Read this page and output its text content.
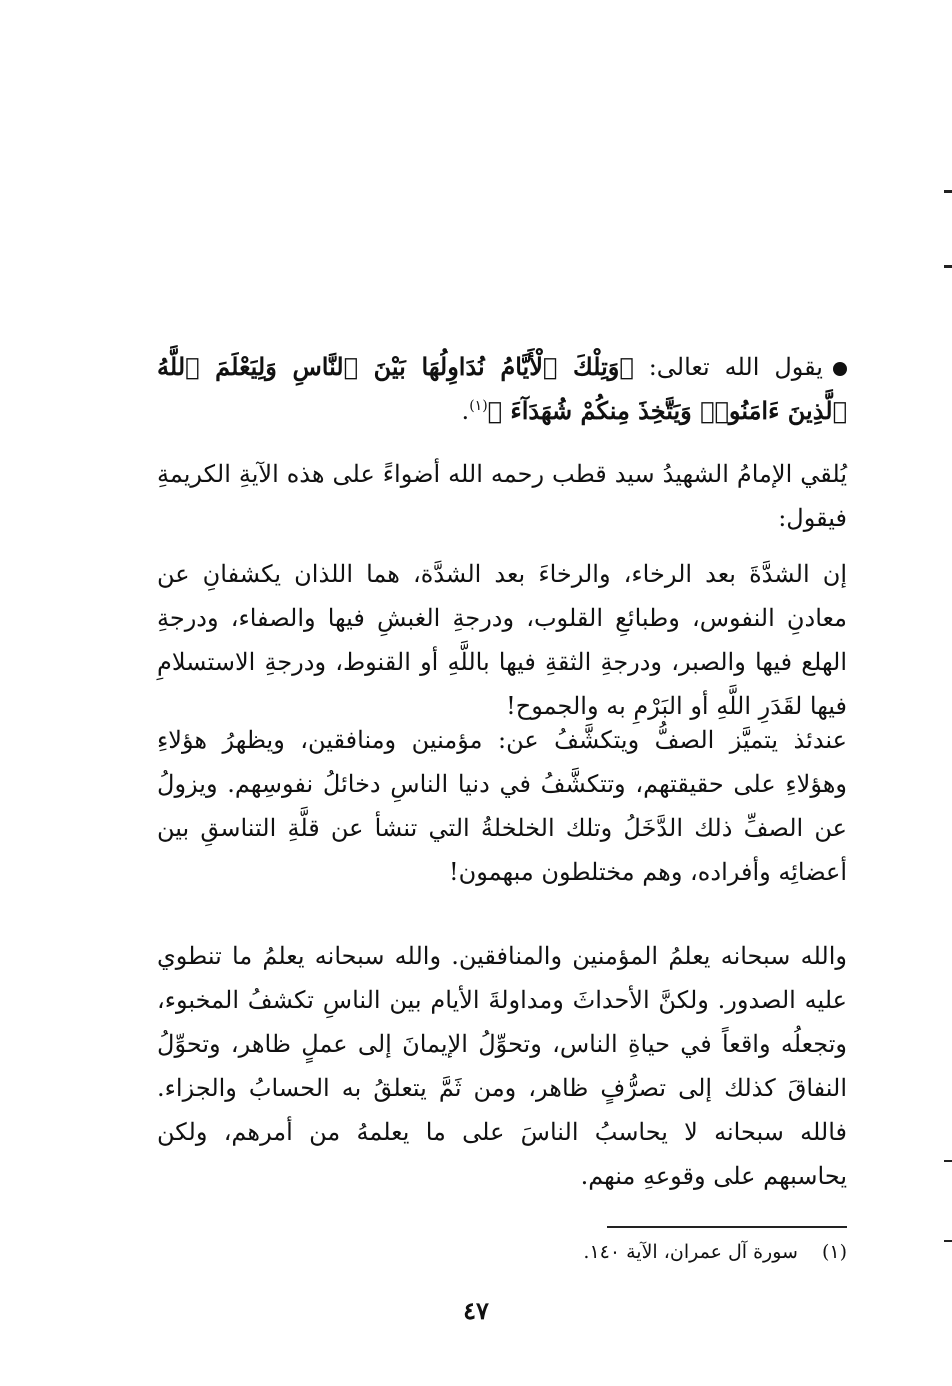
يقول الله تعالى: ﴿وَتِلْكَ ٱلْأَيَّامُ نُدَاوِلُهَا بَيْنَ ٱلنَّاسِ وَلِيَعْلَمَ ٱللَّهُ ٱلَّذِينَ ءَامَنُوا۟ وَيَتَّخِذَ مِنكُمْ شُهَدَآءَ ﴾$^{(١)}$.

يُلقي الإمامُ الشهيدُ سيد قطب رحمه الله أضواءً على هذه الآيةِ الكريمةِ فيقول:

إن الشدَّةَ بعد الرخاء، والرخاءَ بعد الشدَّة، هما اللذان يكشفانِ عن معادنِ النفوس، وطبائعِ القلوب، ودرجةِ الغبشِ فيها والصفاء، ودرجةِ الهلع فيها والصبر، ودرجةِ الثقةِ فيها باللَّهِ أو القنوط، ودرجةِ الاستسلامِ فيها لقَدَرِ اللَّهِ أو البَرْمِ به والجموح!

عندئذ يتميَّز الصفُّ ويتكشَّفُ عن: مؤمنين ومنافقين، ويظهرُ هؤلاءِ وهؤلاءِ على حقيقتهم، وتتكشَّفُ في دنيا الناسِ دخائلُ نفوسِهم. ويزولُ عن الصفِّ ذلك الدَّخَلُ وتلك الخلخلةُ التي تنشأ عن قلَّةِ التناسقِ بين أعضائِه وأفراده، وهم مختلطون مبهمون!

والله سبحانه يعلمُ المؤمنين والمنافقين. والله سبحانه يعلمُ ما تنطوي عليه الصدور. ولكنَّ الأحداثَ ومداولةَ الأيام بين الناسِ تكشفُ المخبوء، وتجعلُه واقعاً في حياةِ الناس، وتحوِّلُ الإيمانَ إلى عملٍ ظاهر، وتحوِّلُ النفاقَ كذلك إلى تصرُّفٍ ظاهر، ومن ثَمَّ يتعلقُ به الحسابُ والجزاء. فالله سبحانه لا يحاسبُ الناسَ على ما يعلمهُ من أمرهم، ولكن يحاسبهم على وقوعهِ منهم.

(١)سورة آل عمران، الآية ١٤٠.
٤٧
